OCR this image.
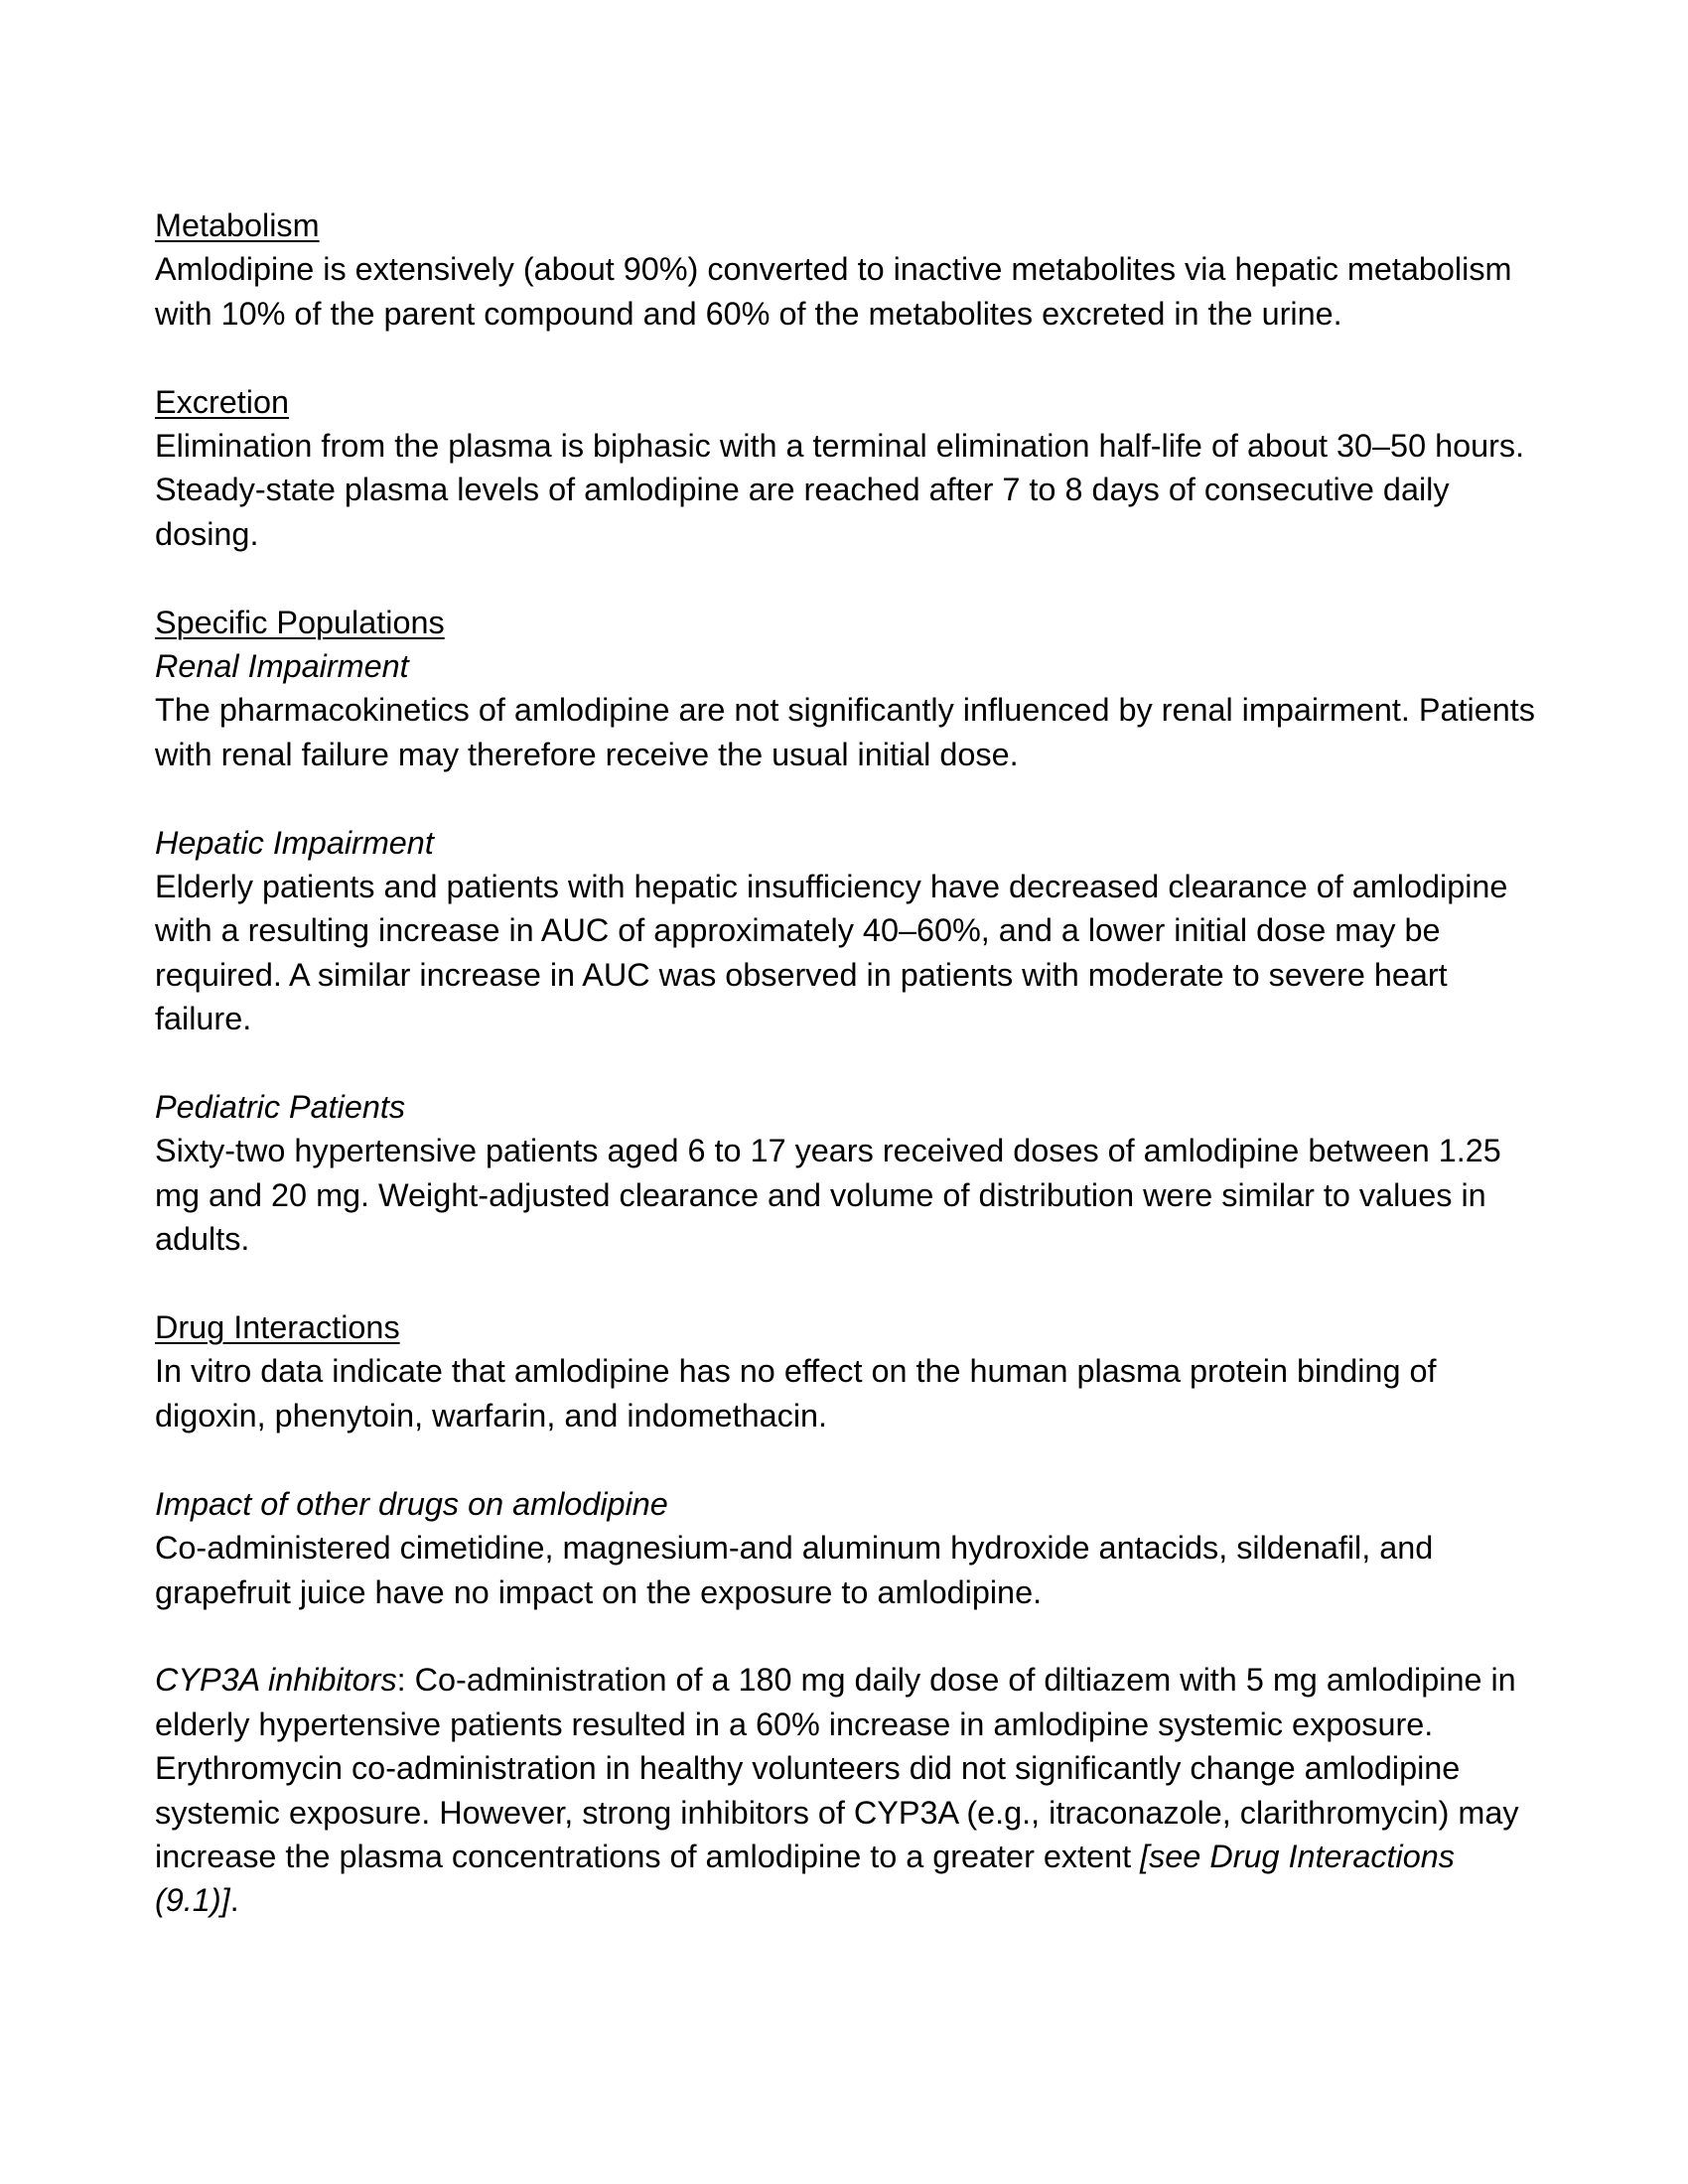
Metabolism

Amlodipine is extensively (about 90%) converted to inactive metabolites via hepatic metabolism with 10% of the parent compound and 60% of the metabolites excreted in the urine.

Excretion

Elimination from the plasma is biphasic with a terminal elimination half-life of about 30–50 hours. Steady-state plasma levels of amlodipine are reached after 7 to 8 days of consecutive daily dosing.

Specific Populations
Renal Impairment

The pharmacokinetics of amlodipine are not significantly influenced by renal impairment. Patients with renal failure may therefore receive the usual initial dose.

Hepatic Impairment

Elderly patients and patients with hepatic insufficiency have decreased clearance of amlodipine with a resulting increase in AUC of approximately 40–60%, and a lower initial dose may be required. A similar increase in AUC was observed in patients with moderate to severe heart failure.

Pediatric Patients

Sixty-two hypertensive patients aged 6 to 17 years received doses of amlodipine between 1.25 mg and 20 mg. Weight-adjusted clearance and volume of distribution were similar to values in adults.

Drug Interactions

In vitro data indicate that amlodipine has no effect on the human plasma protein binding of digoxin, phenytoin, warfarin, and indomethacin.

Impact of other drugs on amlodipine

Co-administered cimetidine, magnesium-and aluminum hydroxide antacids, sildenafil, and grapefruit juice have no impact on the exposure to amlodipine.

CYP3A inhibitors: Co-administration of a 180 mg daily dose of diltiazem with 5 mg amlodipine in elderly hypertensive patients resulted in a 60% increase in amlodipine systemic exposure. Erythromycin co-administration in healthy volunteers did not significantly change amlodipine systemic exposure. However, strong inhibitors of CYP3A (e.g., itraconazole, clarithromycin) may increase the plasma concentrations of amlodipine to a greater extent [see Drug Interactions (9.1)].
